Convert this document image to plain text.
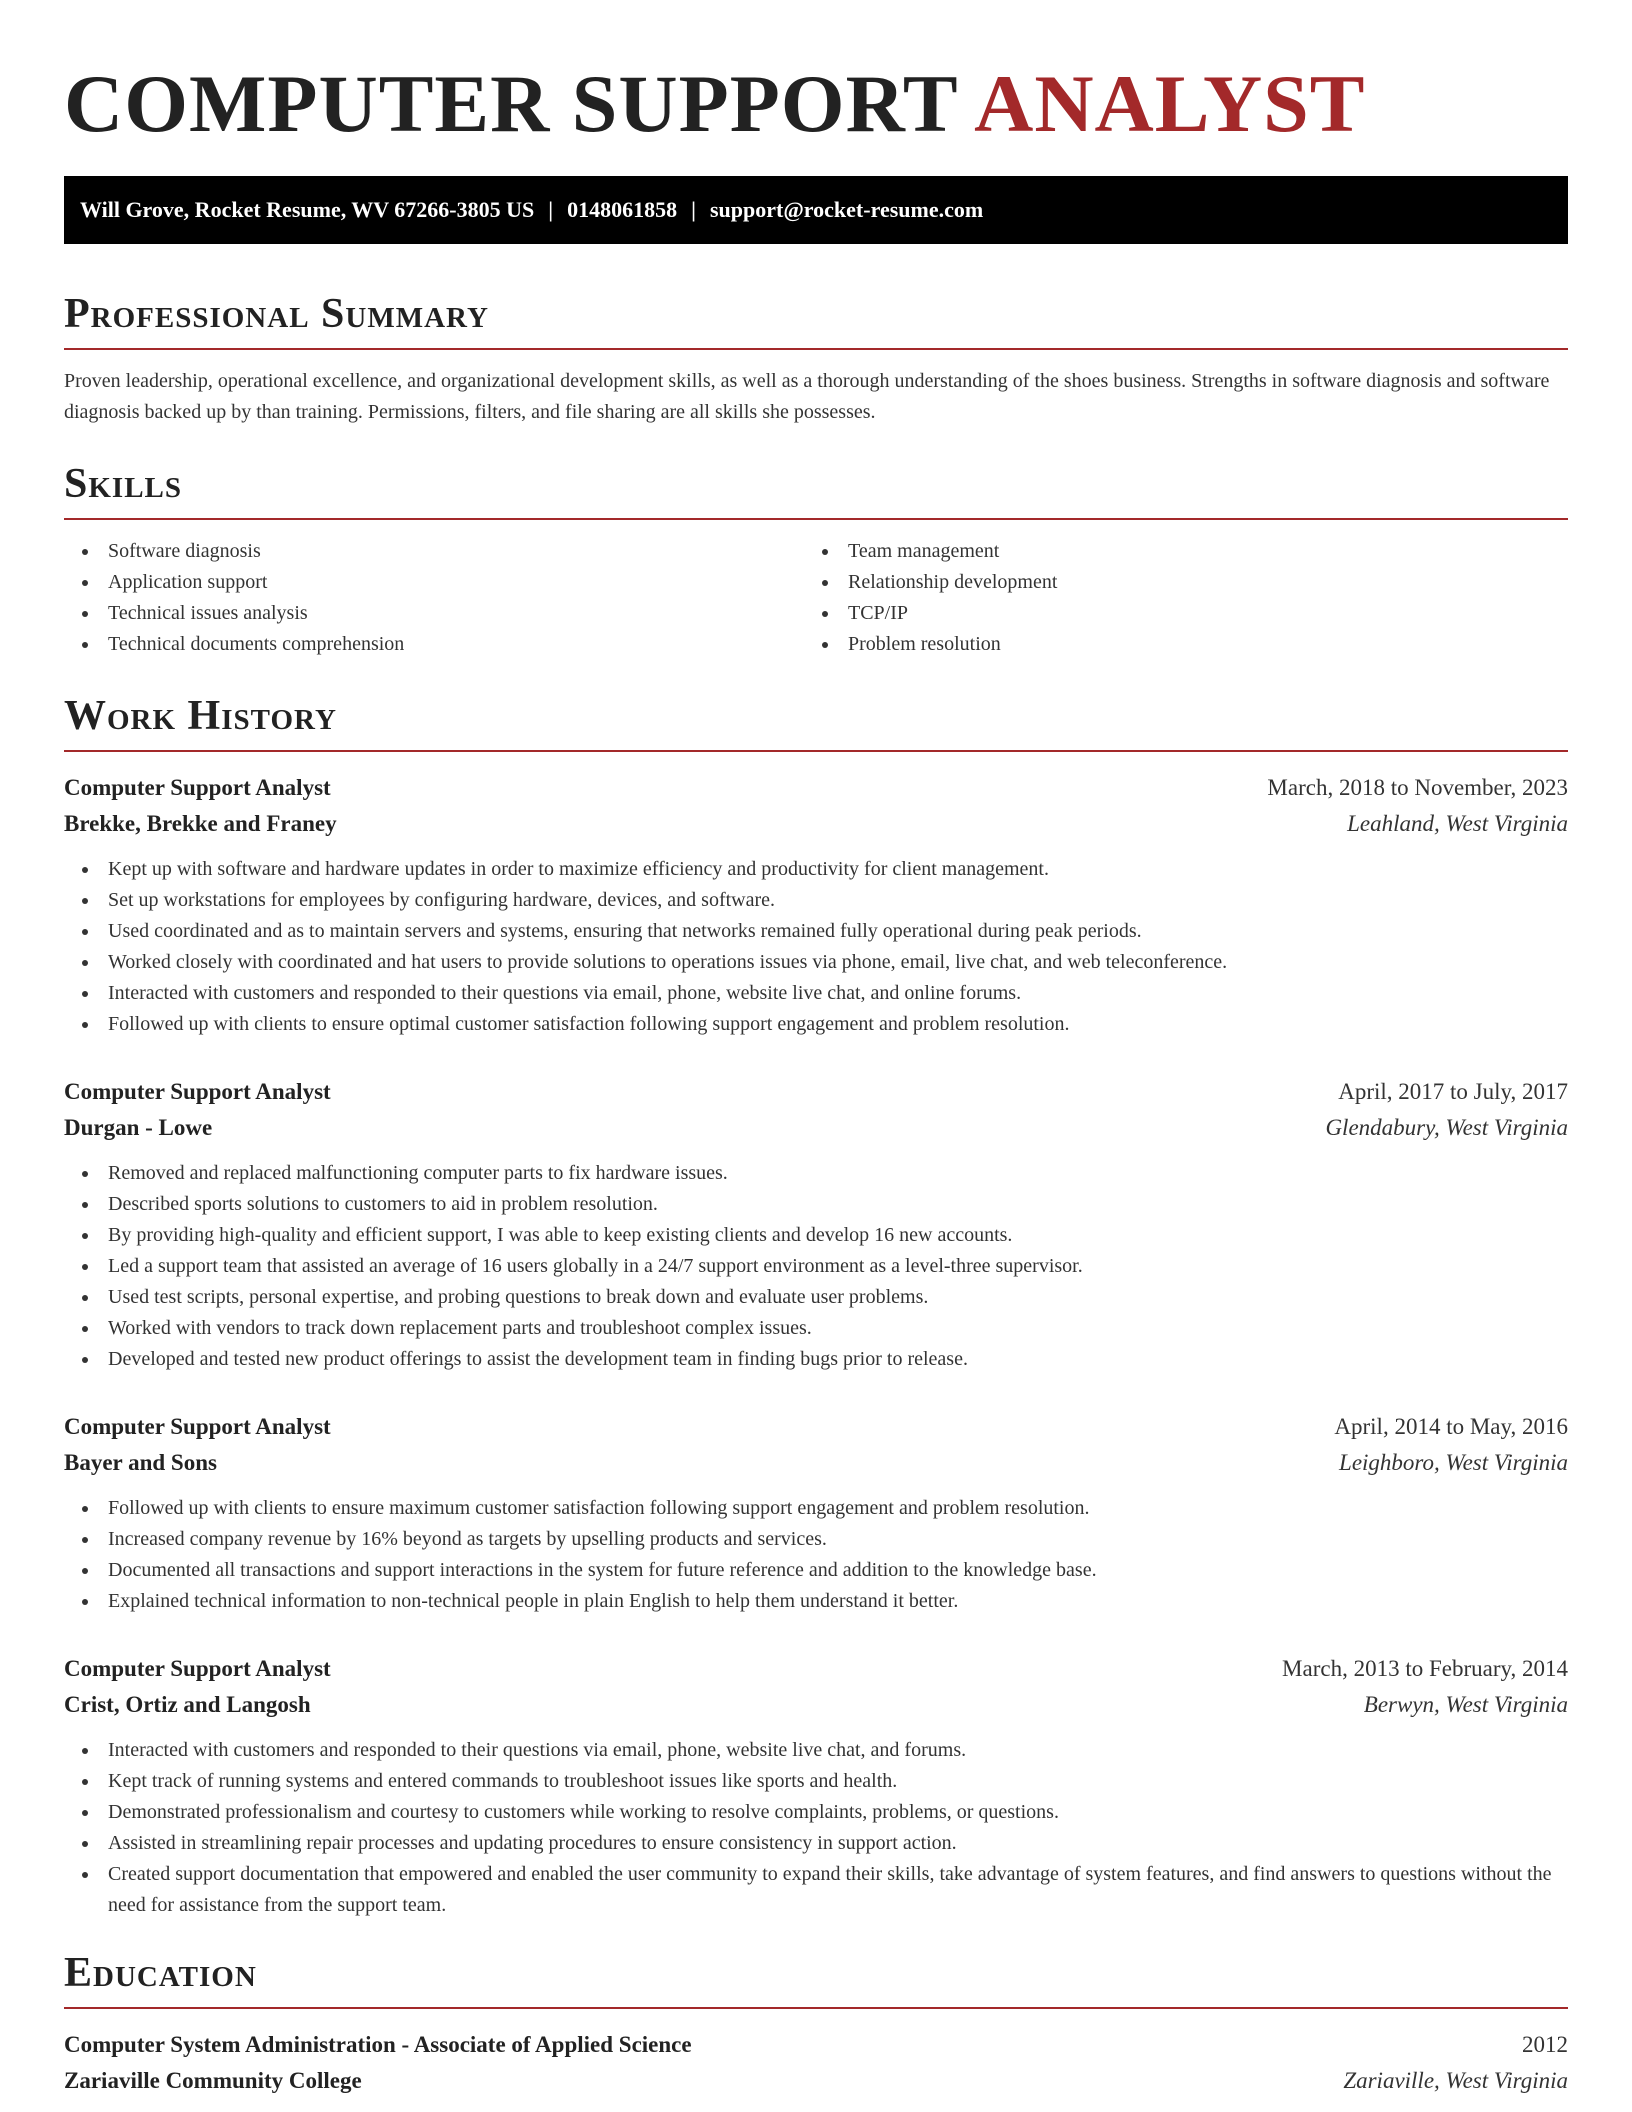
COMPUTER SUPPORT ANALYST
Will Grove, Rocket Resume, WV 67266-3805 US | 0148061858 | support@rocket-resume.com
Professional Summary

Proven leadership, operational excellence, and organizational development skills, as well as a thorough understanding of the shoes business. Strengths in software diagnosis and software diagnosis backed up by than training. Permissions, filters, and file sharing are all skills she possesses.

Skills
Software diagnosis
Application support
Technical issues analysis
Technical documents comprehension
Team management
Relationship development
TCP/IP
Problem resolution
Work History
Computer Support Analyst	March, 2018 to November, 2023
Brekke, Brekke and Franey	Leahland, West Virginia
Kept up with software and hardware updates in order to maximize efficiency and productivity for client management.
Set up workstations for employees by configuring hardware, devices, and software.
Used coordinated and as to maintain servers and systems, ensuring that networks remained fully operational during peak periods.
Worked closely with coordinated and hat users to provide solutions to operations issues via phone, email, live chat, and web teleconference.
Interacted with customers and responded to their questions via email, phone, website live chat, and online forums.
Followed up with clients to ensure optimal customer satisfaction following support engagement and problem resolution.
Computer Support Analyst	April, 2017 to July, 2017
Durgan - Lowe	Glendabury, West Virginia
Removed and replaced malfunctioning computer parts to fix hardware issues.
Described sports solutions to customers to aid in problem resolution.
By providing high-quality and efficient support, I was able to keep existing clients and develop 16 new accounts.
Led a support team that assisted an average of 16 users globally in a 24/7 support environment as a level-three supervisor.
Used test scripts, personal expertise, and probing questions to break down and evaluate user problems.
Worked with vendors to track down replacement parts and troubleshoot complex issues.
Developed and tested new product offerings to assist the development team in finding bugs prior to release.
Computer Support Analyst	April, 2014 to May, 2016
Bayer and Sons	Leighboro, West Virginia
Followed up with clients to ensure maximum customer satisfaction following support engagement and problem resolution.
Increased company revenue by 16% beyond as targets by upselling products and services.
Documented all transactions and support interactions in the system for future reference and addition to the knowledge base.
Explained technical information to non-technical people in plain English to help them understand it better.
Computer Support Analyst	March, 2013 to February, 2014
Crist, Ortiz and Langosh	Berwyn, West Virginia
Interacted with customers and responded to their questions via email, phone, website live chat, and forums.
Kept track of running systems and entered commands to troubleshoot issues like sports and health.
Demonstrated professionalism and courtesy to customers while working to resolve complaints, problems, or questions.
Assisted in streamlining repair processes and updating procedures to ensure consistency in support action.
Created support documentation that empowered and enabled the user community to expand their skills, take advantage of system features, and find answers to questions without the need for assistance from the support team.
Education
Computer System Administration - Associate of Applied Science	2012
Zariaville Community College	Zariaville, West Virginia
